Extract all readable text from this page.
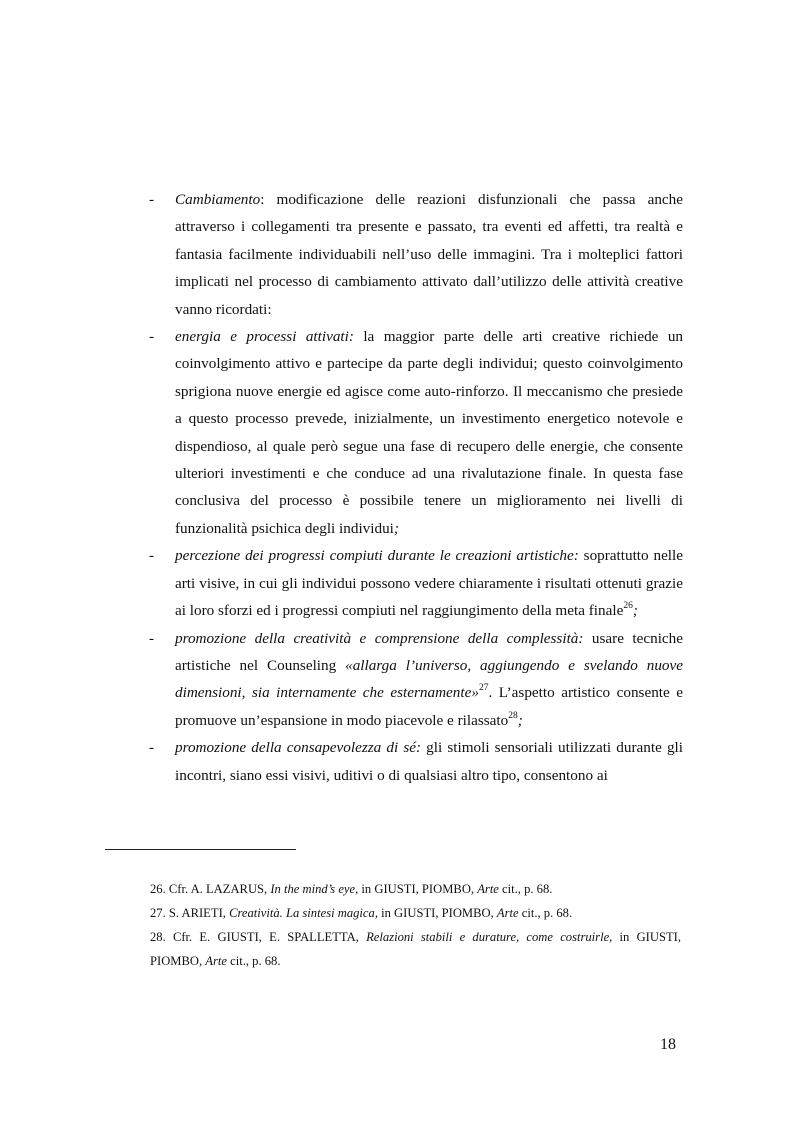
- Cambiamento: modificazione delle reazioni disfunzionali che passa anche attraverso i collegamenti tra presente e passato, tra eventi ed affetti, tra realtà e fantasia facilmente individuabili nell’uso delle immagini. Tra i molteplici fattori implicati nel processo di cambiamento attivato dall’utilizzo delle attività creative vanno ricordati:

- energia e processi attivati: la maggior parte delle arti creative richiede un coinvolgimento attivo e partecipe da parte degli individui; questo coinvolgimento sprigiona nuove energie ed agisce come auto-rinforzo. Il meccanismo che presiede a questo processo prevede, inizialmente, un investimento energetico notevole e dispendioso, al quale però segue una fase di recupero delle energie, che consente ulteriori investimenti e che conduce ad una rivalutazione finale. In questa fase conclusiva del processo è possibile tenere un miglioramento nei livelli di funzionalità psichica degli individui;

- percezione dei progressi compiuti durante le creazioni artistiche: soprattutto nelle arti visive, in cui gli individui possono vedere chiaramente i risultati ottenuti grazie ai loro sforzi ed i progressi compiuti nel raggiungimento della meta finale$^{26}$;

- promozione della creatività e comprensione della complessità: usare tecniche artistiche nel Counseling «allarga l’universo, aggiungendo e svelando nuove dimensioni, sia internamente che esternamente»$^{27}$. L’aspetto artistico consente e promuove un’espansione in modo piacevole e rilassato$^{28}$;

- promozione della consapevolezza di sé: gli stimoli sensoriali utilizzati durante gli incontri, siano essi visivi, uditivi o di qualsiasi altro tipo, consentono ai

26. Cfr. A. LAZARUS, In the mind’s eye, in GIUSTI, PIOMBO, Arte cit., p. 68.

27. S. ARIETI, Creatività. La sintesi magica, in GIUSTI, PIOMBO, Arte cit., p. 68.

28. Cfr. E. GIUSTI, E. SPALLETTA, Relazioni stabili e durature, come costruirle, in GIUSTI, PIOMBO, Arte cit., p. 68.

18
